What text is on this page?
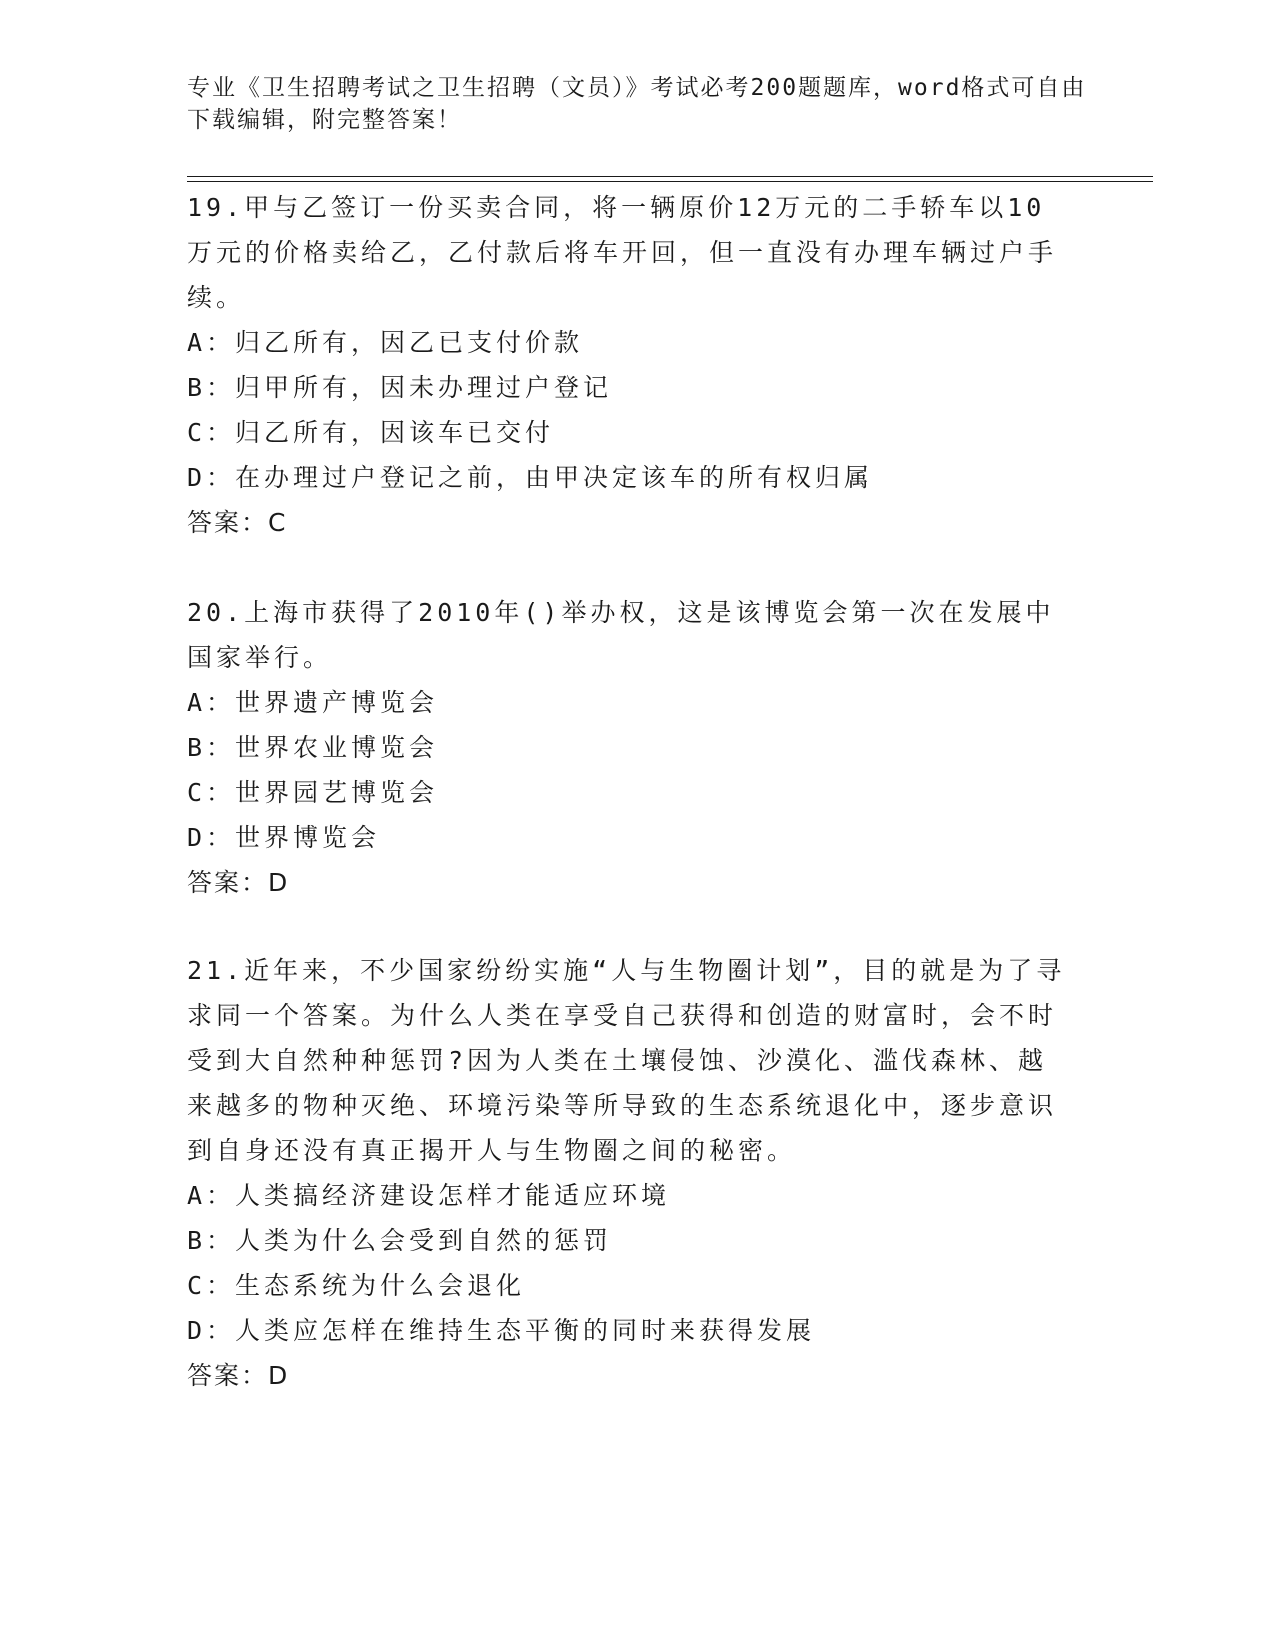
专业《卫生招聘考试之卫生招聘（文员）》考试必考200题题库，word格式可自由下载编辑，附完整答案！

19.甲与乙签订一份买卖合同，将一辆原价12万元的二手轿车以10万元的价格卖给乙，乙付款后将车开回，但一直没有办理车辆过户手续。

A：归乙所有，因乙已支付价款

B：归甲所有，因未办理过户登记

C：归乙所有，因该车已交付

D：在办理过户登记之前，由甲决定该车的所有权归属

答案：C

20.上海市获得了2010年()举办权，这是该博览会第一次在发展中国家举行。

A：世界遗产博览会

B：世界农业博览会

C：世界园艺博览会

D：世界博览会

答案：D

21.近年来，不少国家纷纷实施“人与生物圈计划”，目的就是为了寻求同一个答案。为什么人类在享受自己获得和创造的财富时，会不时受到大自然种种惩罚?因为人类在土壤侵蚀、沙漠化、滥伐森林、越来越多的物种灭绝、环境污染等所导致的生态系统退化中，逐步意识到自身还没有真正揭开人与生物圈之间的秘密。

A：人类搞经济建设怎样才能适应环境

B：人类为什么会受到自然的惩罚

C：生态系统为什么会退化

D：人类应怎样在维持生态平衡的同时来获得发展

答案：D
